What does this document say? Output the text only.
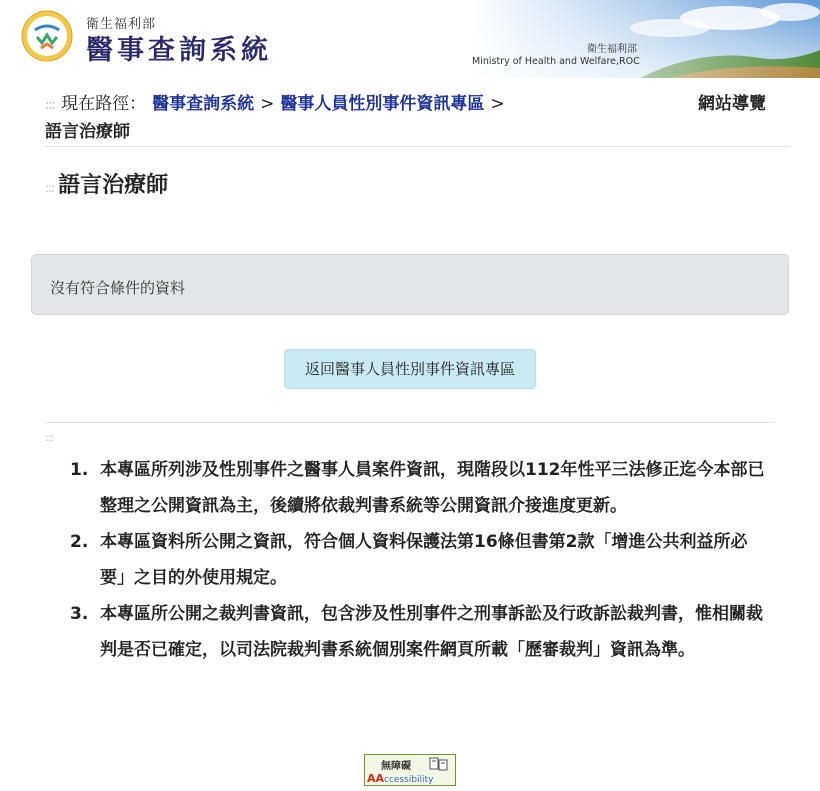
衛生福利部
醫事查詢系統	衛生福利部
Ministry of Health and Welfare,ROC
::: 現在路徑： 醫事查詢系統 > 醫事人員性別事件資訊專區 >
語言治療師
網站導覽
::: 語言治療師
沒有符合條件的資料
返回醫事人員性別事件資訊專區
:::
1. 本專區所列涉及性別事件之醫事人員案件資訊，現階段以112年性平三法修正迄今本部已整理之公開資訊為主，後續將依裁判書系統等公開資訊介接進度更新。
2. 本專區資料所公開之資訊，符合個人資料保護法第16條但書第2款「增進公共利益所必要」之目的外使用規定。
3. 本專區所公開之裁判書資訊，包含涉及性別事件之刑事訴訟及行政訴訟裁判書，惟相關裁判是否已確定，以司法院裁判書系統個別案件網頁所載「歷審裁判」資訊為準。
無障礙
AAccessibility
